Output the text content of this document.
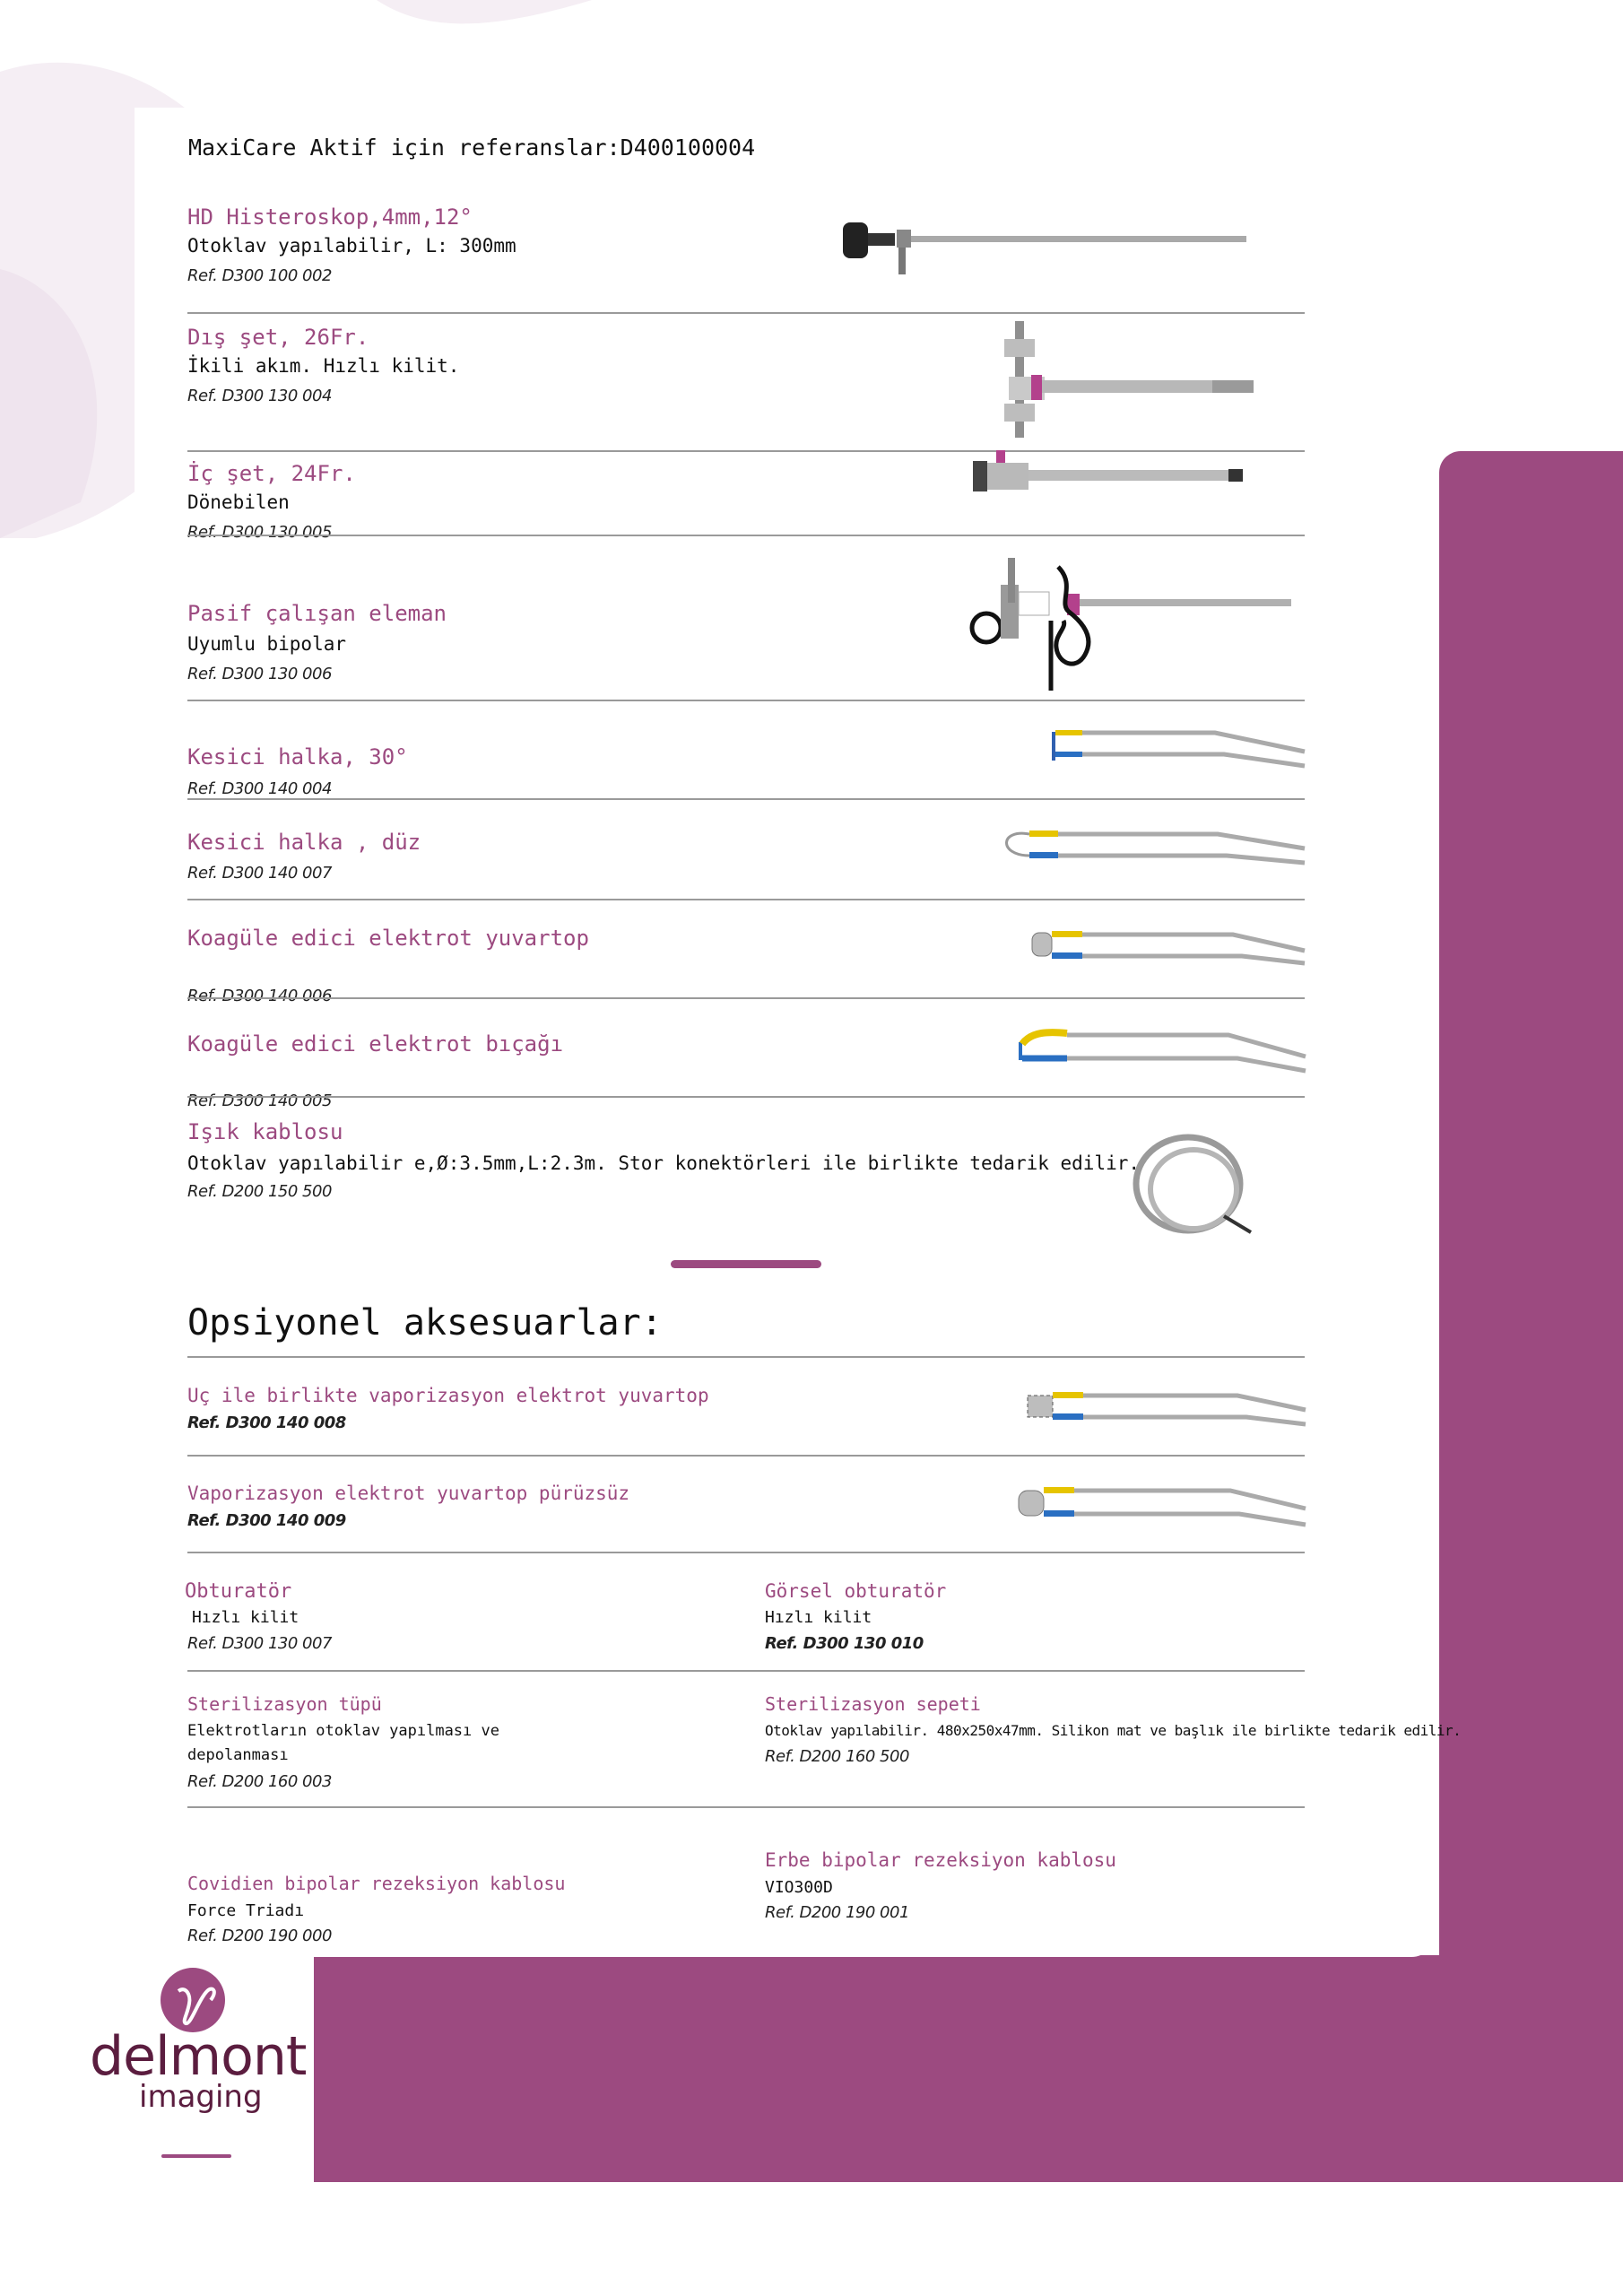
MaxiCare Aktif için referanslar:D400100004
HD Histeroskop,4mm,12°
Otoklav yapılabilir, L: 300mm
Ref. D300 100 002
Dış şet, 26Fr.
İkili akım. Hızlı kilit.
Ref. D300 130 004
İç şet, 24Fr.
Dönebilen
Ref. D300 130 005
Pasif çalışan eleman
Uyumlu bipolar
Ref. D300 130 006
Kesici halka, 30°
Ref. D300 140 004
Kesici halka , düz
Ref. D300 140 007
Koagüle edici elektrot yuvartop
Ref. D300 140 006
Koagüle edici elektrot bıçağı
Ref. D300 140 005
Işık kablosu
Otoklav yapılabilir e,Ø:3.5mm,L:2.3m. Stor konektörleri ile birlikte tedarik edilir.
Ref. D200 150 500
Opsiyonel aksesuarlar:
Uç ile birlikte vaporizasyon elektrot yuvartop
Ref. D300 140 008
Vaporizasyon elektrot yuvartop pürüzsüz
Ref. D300 140 009
Obturatör
Hızlı kilit
Ref. D300 130 007
Görsel obturatör
Hızlı kilit
Ref. D300 130 010
Sterilizasyon tüpü
Elektrotların otoklav yapılması ve
depolanması
Ref. D200 160 003
Sterilizasyon sepeti
Otoklav yapılabilir. 480x250x47mm. Silikon mat ve başlık ile birlikte tedarik edilir.
Ref. D200 160 500
Covidien bipolar rezeksiyon kablosu
Force Triadı
Ref. D200 190 000
Erbe bipolar rezeksiyon kablosu
VIO300D
Ref. D200 190 001
delmont
imaging
